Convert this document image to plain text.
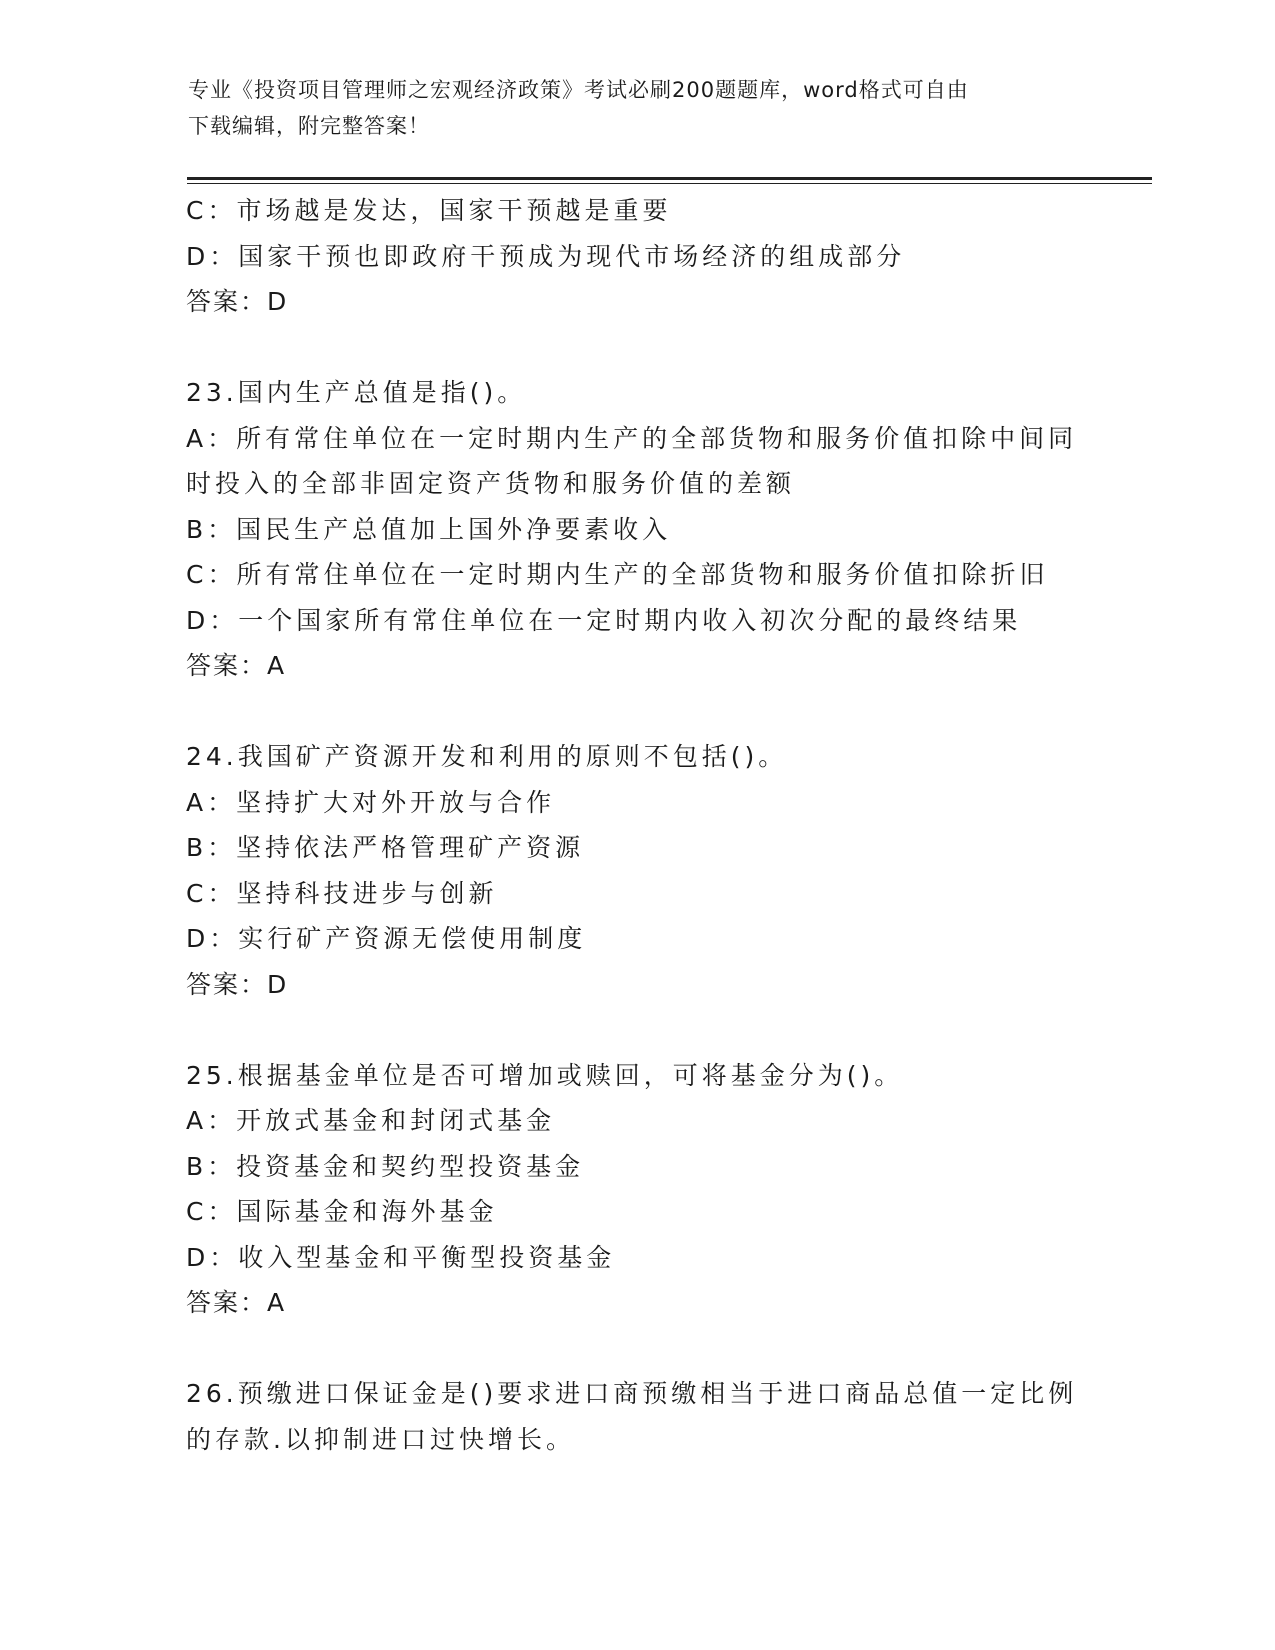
专业《投资项目管理师之宏观经济政策》考试必刷200题题库，word格式可自由
下载编辑，附完整答案！
C：市场越是发达，国家干预越是重要
D：国家干预也即政府干预成为现代市场经济的组成部分
答案：D
23.国内生产总值是指()。
A：所有常住单位在一定时期内生产的全部货物和服务价值扣除中间同
时投入的全部非固定资产货物和服务价值的差额
B：国民生产总值加上国外净要素收入
C：所有常住单位在一定时期内生产的全部货物和服务价值扣除折旧
D：一个国家所有常住单位在一定时期内收入初次分配的最终结果
答案：A
24.我国矿产资源开发和利用的原则不包括()。
A：坚持扩大对外开放与合作
B：坚持依法严格管理矿产资源
C：坚持科技进步与创新
D：实行矿产资源无偿使用制度
答案：D
25.根据基金单位是否可增加或赎回，可将基金分为()。
A：开放式基金和封闭式基金
B：投资基金和契约型投资基金
C：国际基金和海外基金
D：收入型基金和平衡型投资基金
答案：A
26.预缴进口保证金是()要求进口商预缴相当于进口商品总值一定比例
的存款.以抑制进口过快增长。
